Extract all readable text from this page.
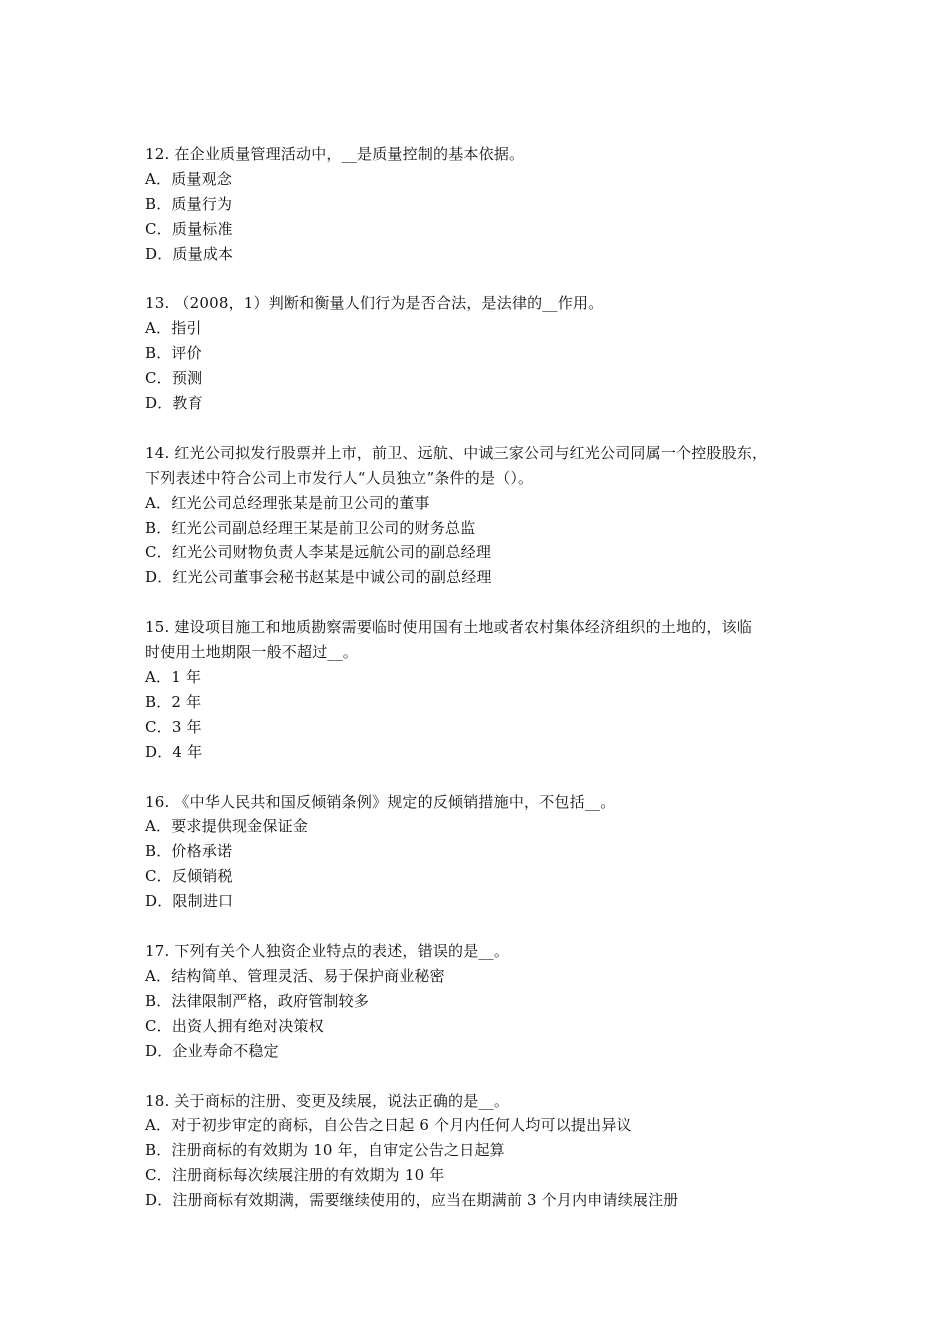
12. 在企业质量管理活动中，__是质量控制的基本依据。
A．质量观念
B．质量行为
C．质量标准
D．质量成本
13. （2008，1）判断和衡量人们行为是否合法，是法律的__作用。
A．指引
B．评价
C．预测
D．教育
14. 红光公司拟发行股票并上市，前卫、远航、中诚三家公司与红光公司同属一个控股股东，
下列表述中符合公司上市发行人“人员独立”条件的是（）。
A．红光公司总经理张某是前卫公司的董事
B．红光公司副总经理王某是前卫公司的财务总监
C．红光公司财物负责人李某是远航公司的副总经理
D．红光公司董事会秘书赵某是中诚公司的副总经理
15. 建设项目施工和地质勘察需要临时使用国有土地或者农村集体经济组织的土地的，该临
时使用土地期限一般不超过__。
A．1 年
B．2 年
C．3 年
D．4 年
16. 《中华人民共和国反倾销条例》规定的反倾销措施中，不包括__。
A．要求提供现金保证金
B．价格承诺
C．反倾销税
D．限制进口
17. 下列有关个人独资企业特点的表述，错误的是__。
A．结构简单、管理灵活、易于保护商业秘密
B．法律限制严格，政府管制较多
C．出资人拥有绝对决策权
D．企业寿命不稳定
18. 关于商标的注册、变更及续展，说法正确的是__。
A．对于初步审定的商标，自公告之日起 6 个月内任何人均可以提出异议
B．注册商标的有效期为 10 年，自审定公告之日起算
C．注册商标每次续展注册的有效期为 10 年
D．注册商标有效期满，需要继续使用的，应当在期满前 3 个月内申请续展注册
